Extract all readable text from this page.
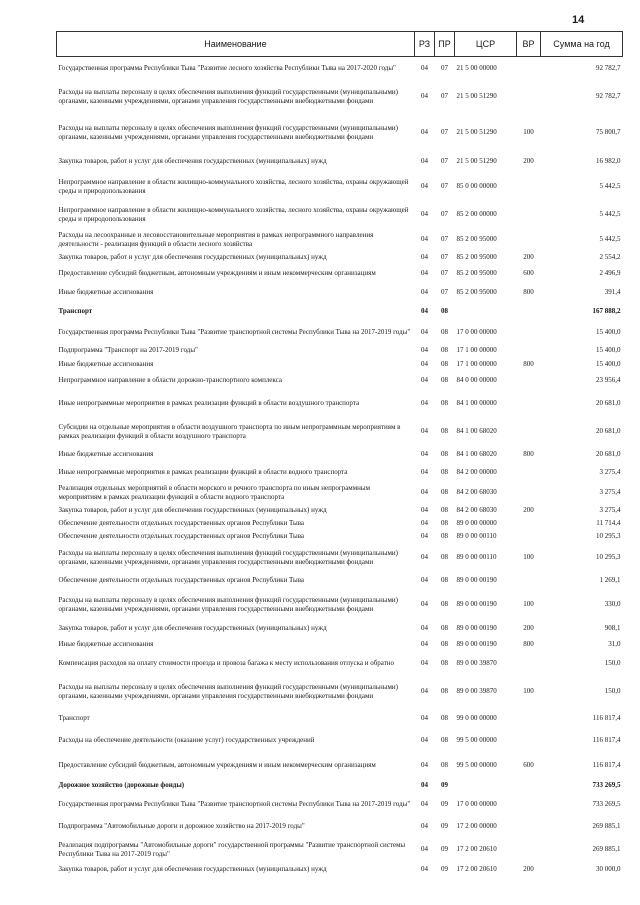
14
Наименование	РЗ	ПР	ЦСР	ВР	Сумма на год
Государственная программа Республики Тыва "Развитие лесного хозяйства Республики Тыва на 2017-2020 годы"	04	07	21 5 00 00000		92 782,7
Расходы на выплаты персоналу в целях обеспечения выполнения функций государственными (муниципальными) органами, казенными учреждениями, органами управления государственными внебюджетными фондами	04	07	21 5 00 51290		92 782,7
Расходы на выплаты персоналу в целях обеспечения выполнения функций государственными (муниципальными) органами, казенными учреждениями, органами управления государственными внебюджетными фондами	04	07	21 5 00 51290	100	75 800,7
Закупка товаров, работ и услуг для обеспечения государственных (муниципальных) нужд	04	07	21 5 00 51290	200	16 982,0
Непрограммное направление в области жилищно-коммунального хозяйства, лесного хозяйства, охраны окружающей среды и природопользования	04	07	85 0 00 00000		5 442,5
Непрограммное направление в области жилищно-коммунального хозяйства, лесного хозяйства, охраны окружающей среды и природопользования	04	07	85 2 00 00000		5 442,5
Расходы на лесоохранные и лесовосстановительные мероприятия в рамках непрограммного направления деятельности - реализация функций в области лесного хозяйства	04	07	85 2 00 95000		5 442,5
Закупка товаров, работ и услуг для обеспечения государственных (муниципальных) нужд	04	07	85 2 00 95000	200	2 554,2
Предоставление субсидий бюджетным, автономным учреждениям и иным некоммерческим организациям	04	07	85 2 00 95000	600	2 496,9
Иные бюджетные ассигнования	04	07	85 2 00 95000	800	391,4
Транспорт	04	08			167 888,2
Государственная программа Республики Тыва "Развитие транспортной системы Республики Тыва на 2017-2019 годы"	04	08	17 0 00 00000		15 400,0
Подпрограмма "Транспорт на 2017-2019 годы"	04	08	17 1 00 00000		15 400,0
Иные бюджетные ассигнования	04	08	17 1 00 00000	800	15 400,0
Непрограммное направление в области дорожно-транспортного комплекса	04	08	84 0 00 00000		23 956,4
Иные непрограммные мероприятия в рамках реализации функций в области воздушного транспорта	04	08	84 1 00 00000		20 681,0
Субсидии на отдельные мероприятия в области воздушного транспорта по иным непрограммным мероприятиям в рамках реализации функций в области воздушного транспорта	04	08	84 1 00 68020		20 681,0
Иные бюджетные ассигнования	04	08	84 1 00 68020	800	20 681,0
Иные непрограммные мероприятия в рамках реализации функций в области водного транспорта	04	08	84 2 00 00000		3 275,4
Реализация отдельных мероприятий в области морского и речного транспорта по иным непрограммным мероприятиям в рамках реализации функций в области водного транспорта	04	08	84 2 00 68030		3 275,4
Закупка товаров, работ и услуг для обеспечения государственных (муниципальных) нужд	04	08	84 2 00 68030	200	3 275,4
Обеспечение деятельности отдельных государственных органов Республики Тыва	04	08	89 0 00 00000		11 714,4
Обеспечение деятельности отдельных государственных органов Республики Тыва	04	08	89 0 00 00110		10 295,3
Расходы на выплаты персоналу в целях обеспечения выполнения функций государственными (муниципальными) органами, казенными учреждениями, органами управления государственными внебюджетными фондами	04	08	89 0 00 00110	100	10 295,3
Обеспечение деятельности отдельных государственных органов Республики Тыва	04	08	89 0 00 00190		1 269,1
Расходы на выплаты персоналу в целях обеспечения выполнения функций государственными (муниципальными) органами, казенными учреждениями, органами управления государственными внебюджетными фондами	04	08	89 0 00 00190	100	330,0
Закупка товаров, работ и услуг для обеспечения государственных (муниципальных) нужд	04	08	89 0 00 00190	200	908,1
Иные бюджетные ассигнования	04	08	89 0 00 00190	800	31,0
Компенсация расходов на оплату стоимости проезда и провоза багажа к месту использования отпуска и обратно	04	08	89 0 00 39870		150,0
Расходы на выплаты персоналу в целях обеспечения выполнения функций государственными (муниципальными) органами, казенными учреждениями, органами управления государственными внебюджетными фондами	04	08	89 0 00 39870	100	150,0
Транспорт	04	08	99 0 00 00000		116 817,4
Расходы на обеспечение деятельности (оказание услуг) государственных учреждений	04	08	99 5 00 00000		116 817,4
Предоставление субсидий бюджетным, автономным учреждениям и иным некоммерческим организациям	04	08	99 5 00 00000	600	116 817,4
Дорожное хозяйство (дорожные фонды)	04	09			733 269,5
Государственная программа Республики Тыва "Развитие транспортной системы Республики Тыва на 2017-2019 годы"	04	09	17 0 00 00000		733 269,5
Подпрограмма "Автомобильные дороги и дорожное хозяйство на 2017-2019 годы"	04	09	17 2 00 00000		269 885,1
Реализация подпрограммы "Автомобильные дороги" государственной программы "Развитие транспортной системы Республики Тыва на 2017-2019 годы"	04	09	17 2 00 20610		269 885,1
Закупка товаров, работ и услуг для обеспечения государственных (муниципальных) нужд	04	09	17 2 00 20610	200	30 000,0
